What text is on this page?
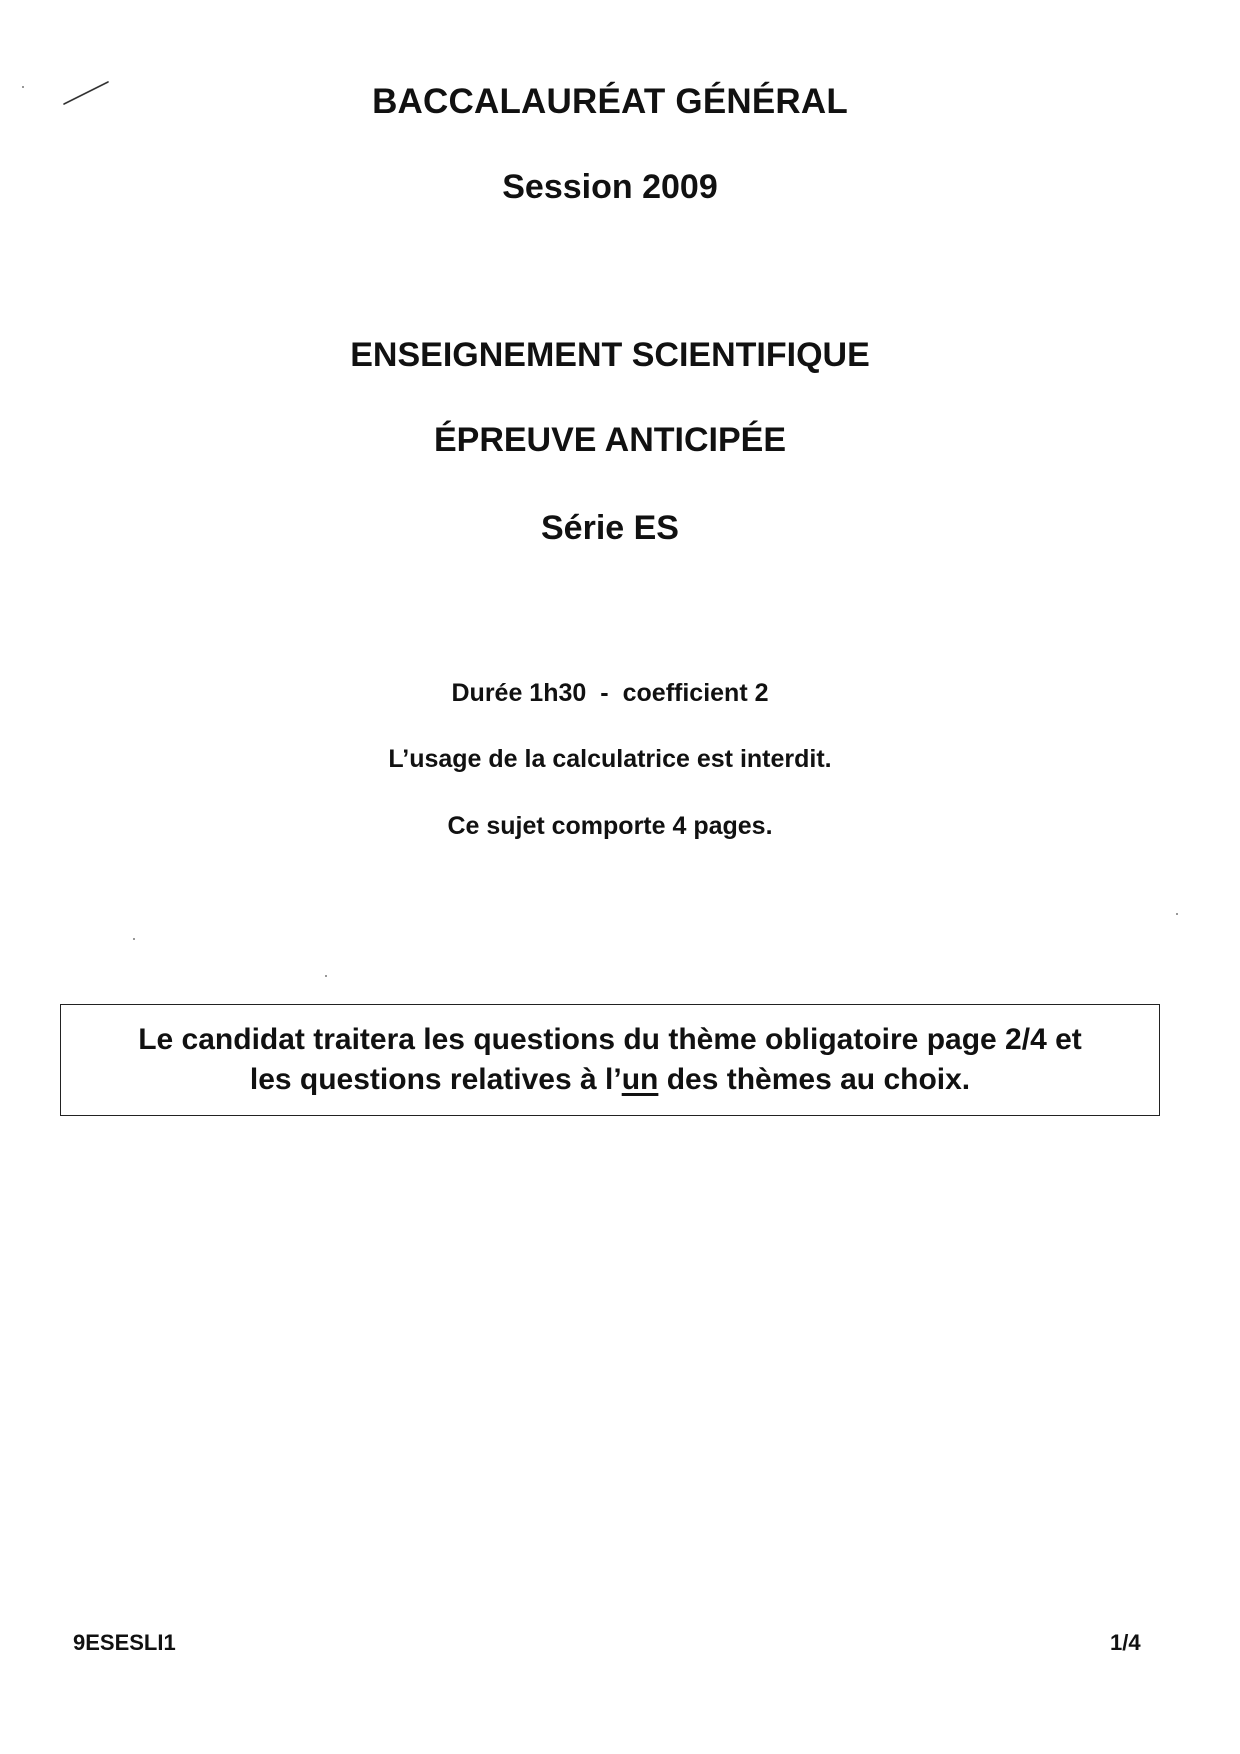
BACCALAURÉAT GÉNÉRAL
Session 2009
ENSEIGNEMENT SCIENTIFIQUE
ÉPREUVE ANTICIPÉE
Série ES
Durée 1h30 - coefficient 2
L’usage de la calculatrice est interdit.
Ce sujet comporte 4 pages.
Le candidat traitera les questions du thème obligatoire page 2/4 et
les questions relatives à l’un des thèmes au choix.
9ESESLI1	1/4
